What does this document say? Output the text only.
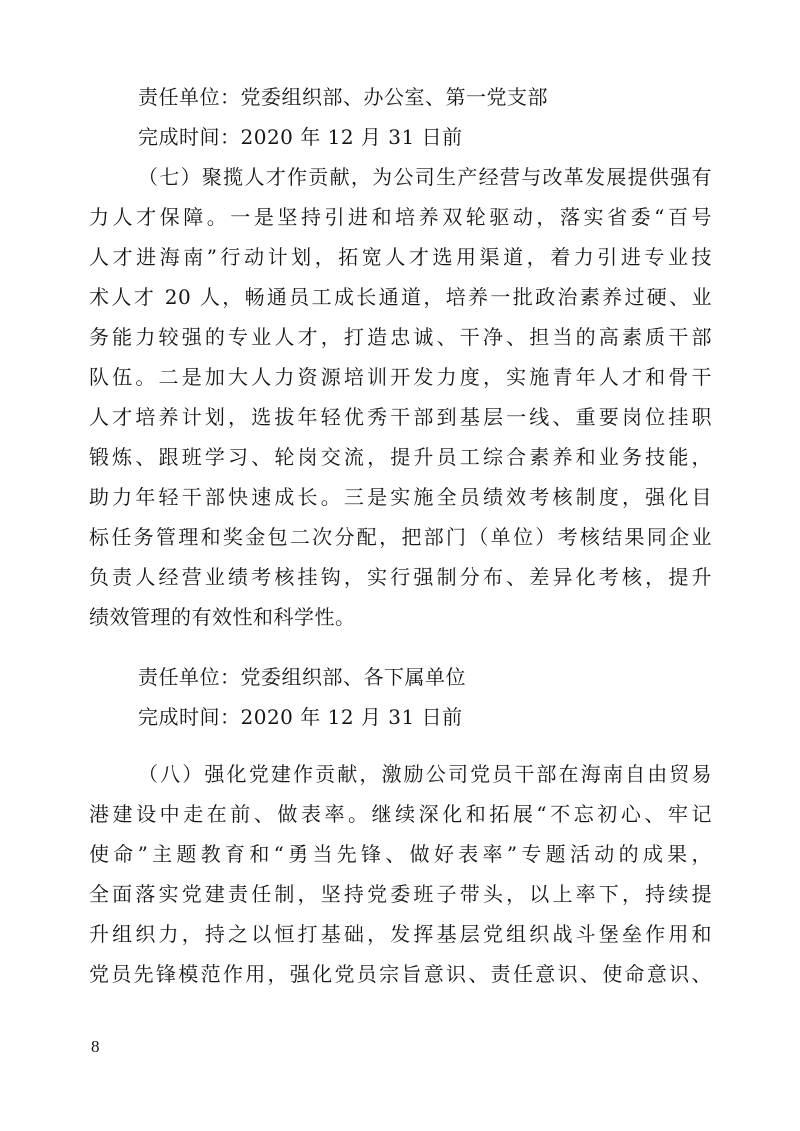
责任单位：党委组织部、办公室、第一党支部
完成时间：2020 年 12 月 31 日前
（七）聚揽人才作贡献，为公司生产经营与改革发展提供强有
力人才保障。一是坚持引进和培养双轮驱动，落实省委“百号
人才进海南”行动计划，拓宽人才选用渠道，着力引进专业技
术人才 20 人，畅通员工成长通道，培养一批政治素养过硬、业
务能力较强的专业人才，打造忠诚、干净、担当的高素质干部
队伍。二是加大人力资源培训开发力度，实施青年人才和骨干
人才培养计划，选拔年轻优秀干部到基层一线、重要岗位挂职
锻炼、跟班学习、轮岗交流，提升员工综合素养和业务技能，
助力年轻干部快速成长。三是实施全员绩效考核制度，强化目
标任务管理和奖金包二次分配，把部门（单位）考核结果同企业
负责人经营业绩考核挂钩，实行强制分布、差异化考核，提升
绩效管理的有效性和科学性。
责任单位：党委组织部、各下属单位
完成时间：2020 年 12 月 31 日前
（八）强化党建作贡献，激励公司党员干部在海南自由贸易
港建设中走在前、做表率。继续深化和拓展“不忘初心、牢记
使命”主题教育和“勇当先锋、做好表率”专题活动的成果，
全面落实党建责任制，坚持党委班子带头，以上率下，持续提
升组织力，持之以恒打基础，发挥基层党组织战斗堡垒作用和
党员先锋模范作用，强化党员宗旨意识、责任意识、使命意识、
8
